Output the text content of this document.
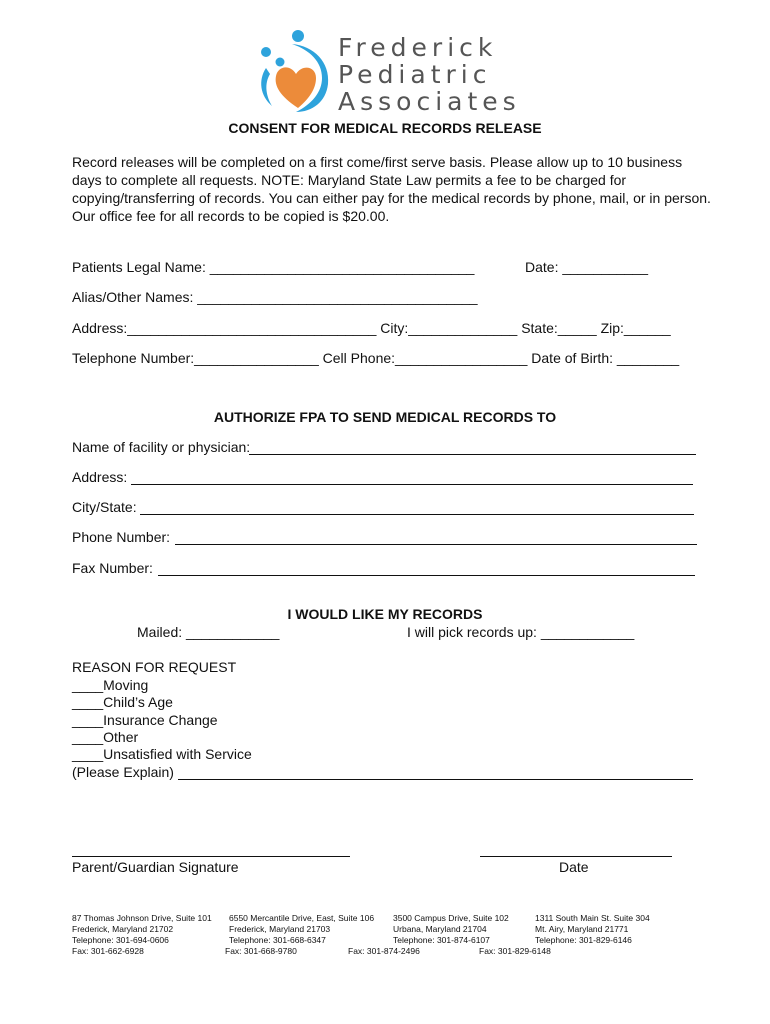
Frederick
Pediatric
Associates
CONSENT FOR MEDICAL RECORDS RELEASE
Record releases will be completed on a first come/first serve basis. Please allow up to 10 business days to complete all requests. NOTE: Maryland State Law permits a fee to be charged for copying/transferring of records. You can either pay for the medical records by phone, mail, or in person. Our office fee for all records to be copied is $20.00.
Patients Legal Name: __________________________________	Date: ___________
Alias/Other Names: ____________________________________
Address:________________________________ City:______________ State:_____ Zip:______
Telephone Number:________________ Cell Phone:_________________ Date of Birth: ________
AUTHORIZE FPA TO SEND MEDICAL RECORDS TO
Name of facility or physician:
Address:
City/State:
Phone Number:
Fax Number:
I WOULD LIKE MY RECORDS
Mailed: ____________	I will pick records up: ____________
REASON FOR REQUEST
____Moving
____Child’s Age
____Insurance Change
____Other
____Unsatisfied with Service
(Please Explain)
Parent/Guardian Signature	Date
87 Thomas Johnson Drive, Suite 101
Frederick, Maryland 21702
Telephone: 301-694-0606
Fax: 301-662-6928
6550 Mercantile Drive, East, Suite 106
Frederick, Maryland 21703
Telephone: 301-668-6347
Fax: 301-668-9780
3500 Campus Drive, Suite 102
Urbana, Maryland 21704
Telephone: 301-874-6107
Fax: 301-874-2496
1311 South Main St. Suite 304
Mt. Airy, Maryland 21771
Telephone: 301-829-6146
Fax: 301-829-6148
